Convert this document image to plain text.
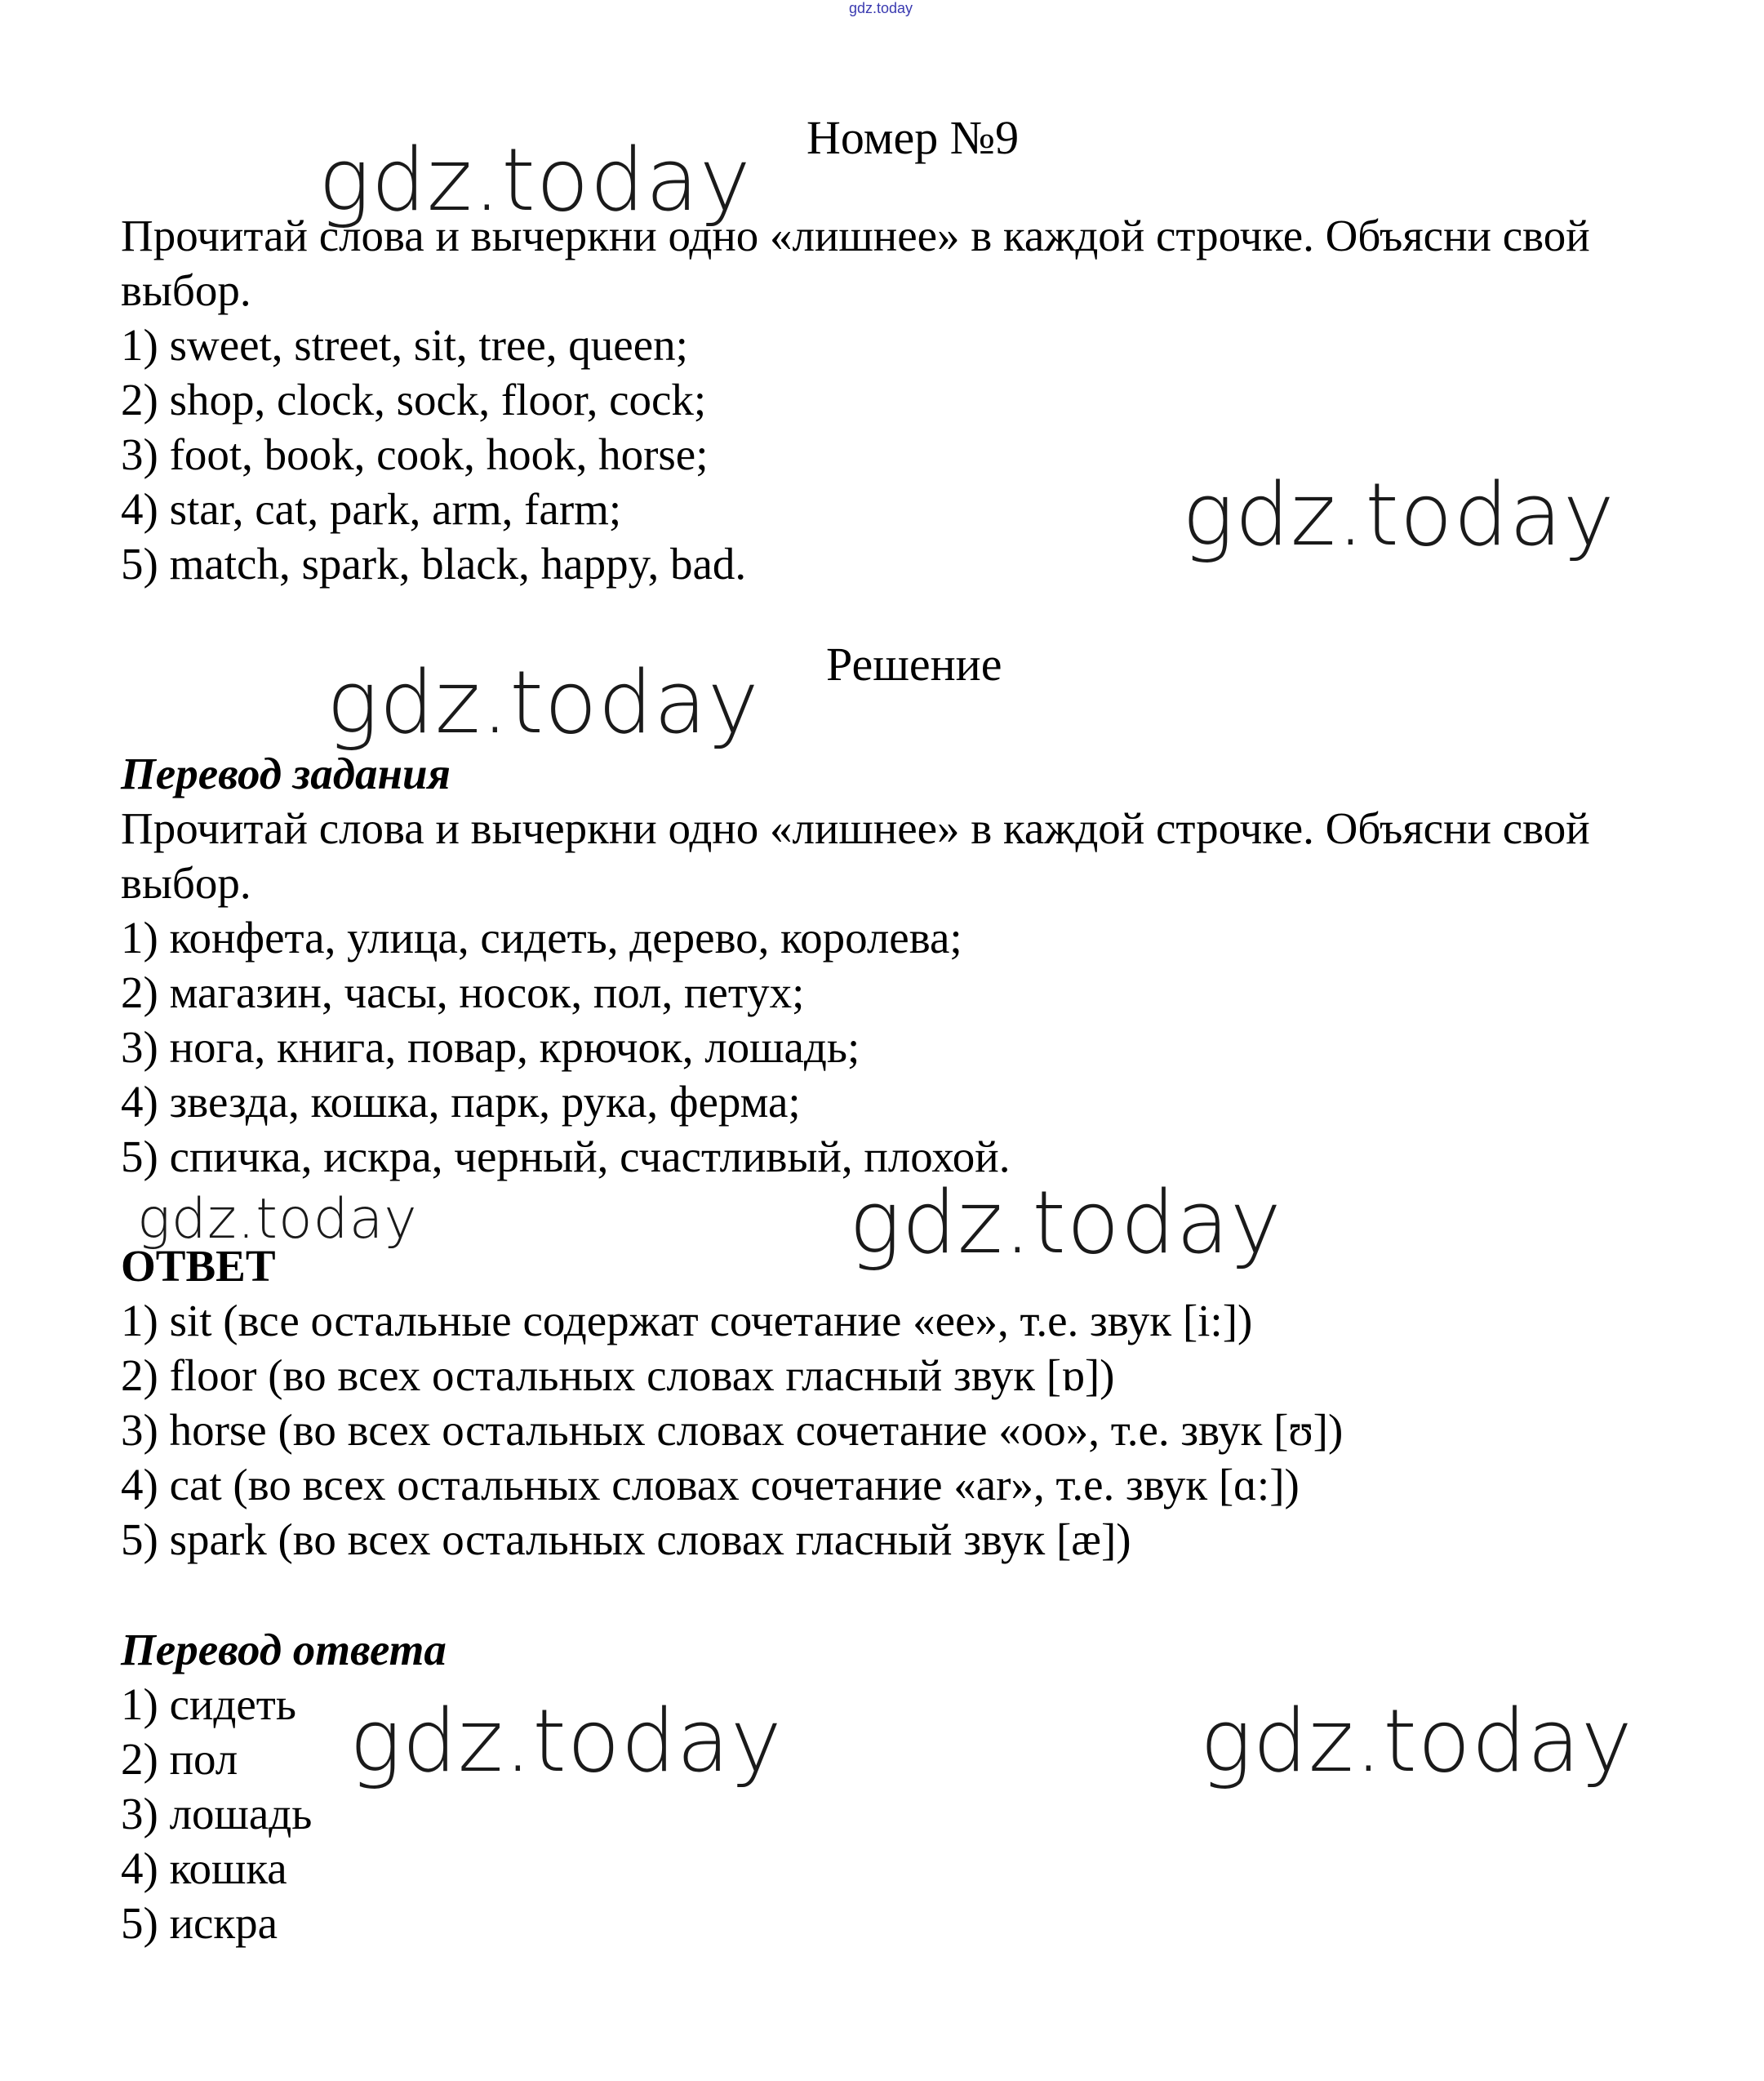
gdz.today
Номер №9

Прочитай слова и вычеркни одно «лишнее» в каждой строчке. Объясни свой выбор.

1) sweet, street, sit, tree, queen;

2) shop, clock, sock, floor, cock;

3) foot, book, cook, hook, horse;

4) star, cat, park, arm, farm;

5) match, spark, black, happy, bad.

Решение

Перевод задания

Прочитай слова и вычеркни одно «лишнее» в каждой строчке. Объясни свой выбор.

1) конфета, улица, сидеть, дерево, королева;

2) магазин, часы, носок, пол, петух;

3) нога, книга, повар, крючок, лошадь;

4) звезда, кошка, парк, рука, ферма;

5) спичка, искра, черный, счастливый, плохой.

ОТВЕТ

1) sit (все остальные содержат сочетание «ее», т.е. звук [i:])

2) floor (во всех остальных словах гласный звук [ɒ])

3) horse (во всех остальных словах сочетание «оо», т.е. звук [ʊ])

4) cat (во всех остальных словах сочетание «ar», т.е. звук [ɑ:])

5) spark (во всех остальных словах гласный звук [æ])

Перевод ответа

1) сидеть

2) пол

3) лошадь

4) кошка

5) искра

gdz.today
gdz.today
gdz.today
gdz.today	gdz.today
gdz.today	gdz.today
